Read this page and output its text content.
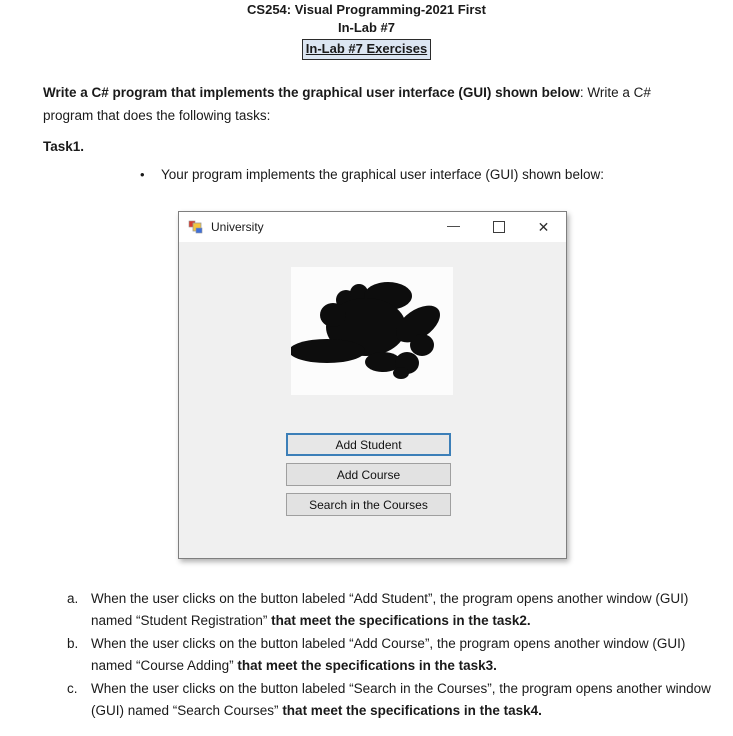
CS254: Visual Programming-2021 First
In-Lab #7
In-Lab #7 Exercises
Write a C# program that implements the graphical user interface (GUI) shown below: Write a C# program that does the following tasks:
Task1.
• Your program implements the graphical user interface (GUI) shown below:
University	—	✕
Add Student
Add Course
Search in the Courses
a. When the user clicks on the button labeled “Add Student”, the program opens another window (GUI) named “Student Registration” that meet the specifications in the task2.
b. When the user clicks on the button labeled “Add Course”, the program opens another window (GUI) named “Course Adding” that meet the specifications in the task3.
c. When the user clicks on the button labeled “Search in the Courses”, the program opens another window (GUI) named “Search Courses” that meet the specifications in the task4.
